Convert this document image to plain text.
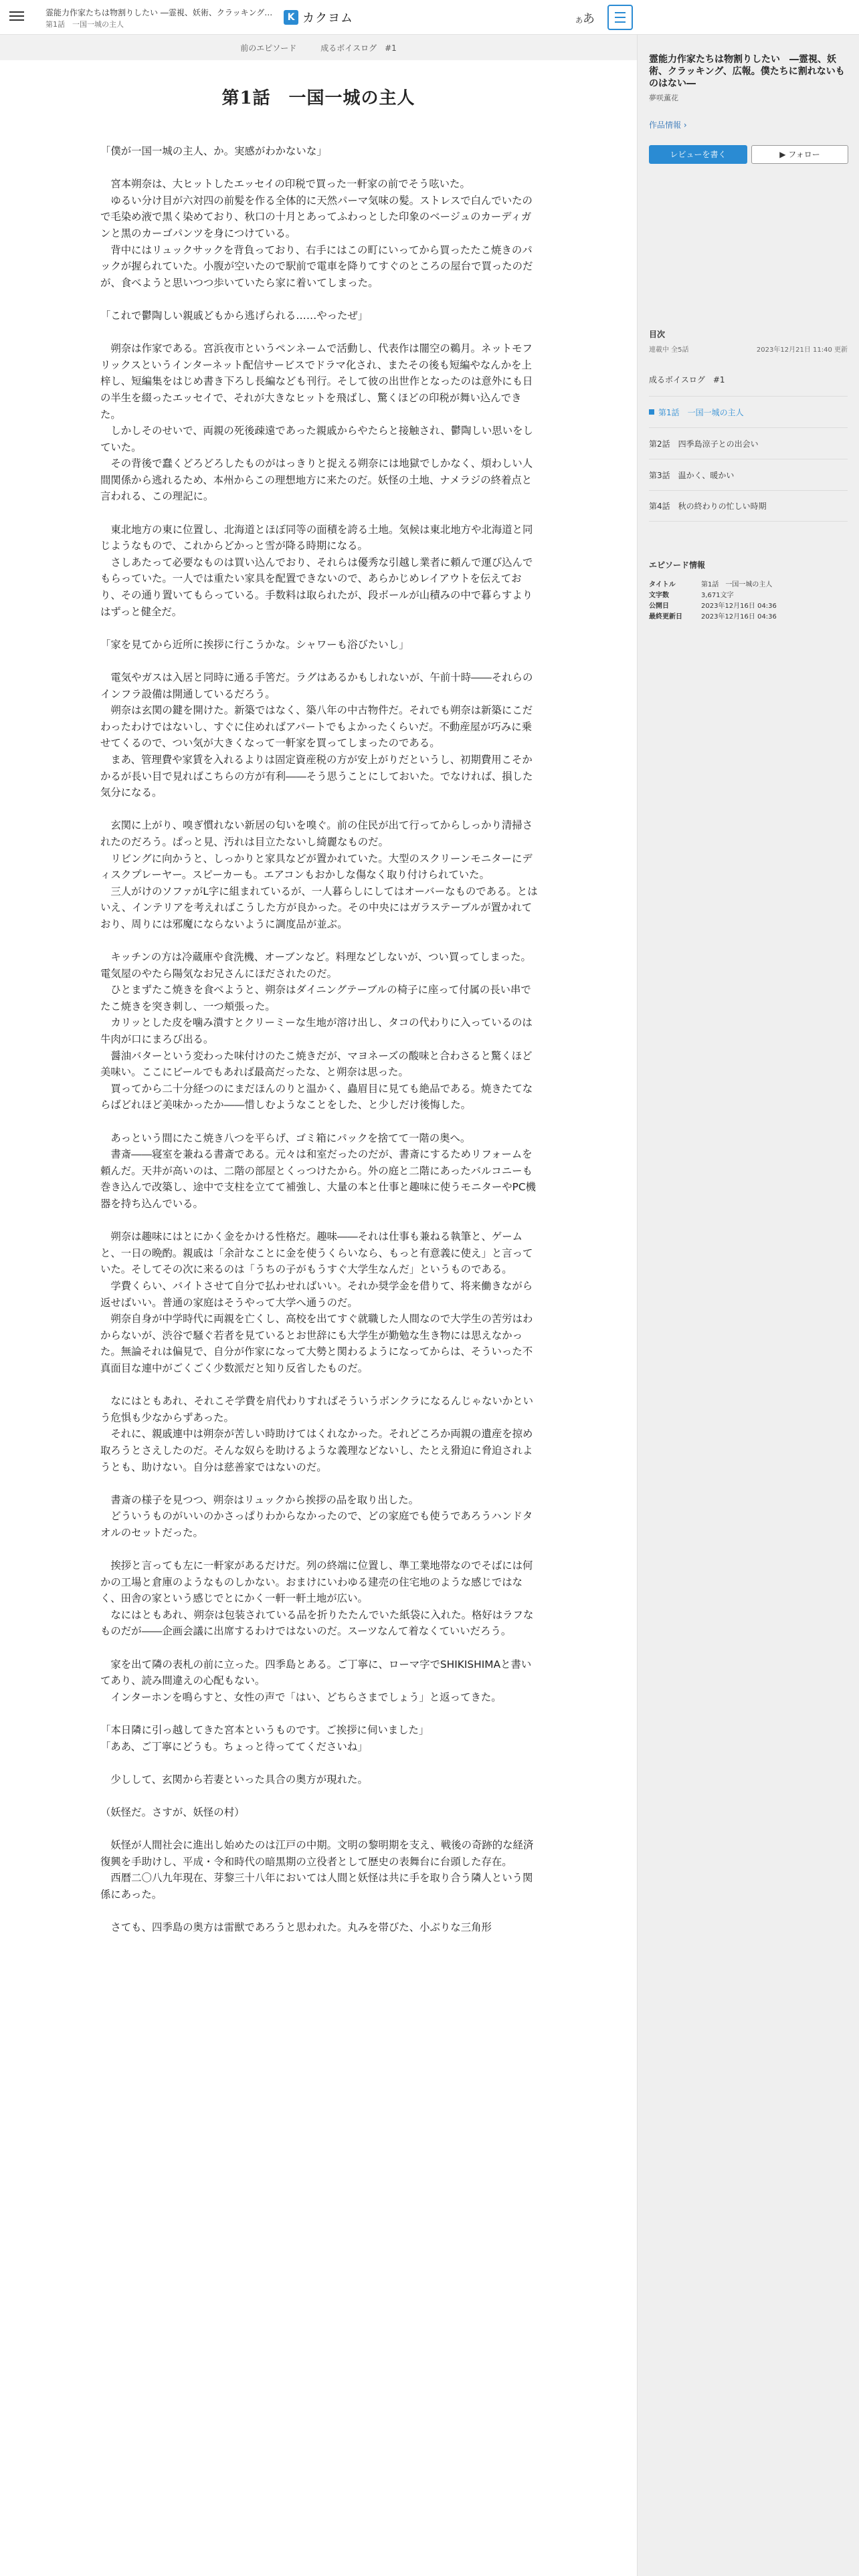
霊能力作家たちは物割りしたい ―霊視、妖術、クラッキング…
第1話　一国一城の主人
K カクヨム	ああ
前のエピソード	成るボイスログ　#1
第1話　一国一城の主人

「僕が一国一城の主人、か。実感がわかないな」

　宮本朔奈は、大ヒットしたエッセイの印税で買った一軒家の前でそう呟いた。

　ゆるい分け目が六対四の前髪を作る全体的に天然パーマ気味の髪。ストレスで白んでいたので毛染め液で黒く染めており、秋口の十月とあってふわっとした印象のベージュのカーディガンと黒のカーゴパンツを身につけている。

　背中にはリュックサックを背負っており、右手にはこの町にいってから買ったたこ焼きのパックが握られていた。小腹が空いたので駅前で電車を降りてすぐのところの屋台で買ったのだが、食べようと思いつつ歩いていたら家に着いてしまった。

「これで鬱陶しい親戚どもから逃げられる……やったぜ」

　朔奈は作家である。宮浜夜市というペンネームで活動し、代表作は闇空の鵜月。ネットモフリックスというインターネット配信サービスでドラマ化され、またその後も短編やなんかを上梓し、短編集をはじめ書き下ろし長編なども刊行。そして彼の出世作となったのは意外にも日の半生を綴ったエッセイで、それが大きなヒットを飛ばし、驚くほどの印税が舞い込んできた。

　しかしそのせいで、両親の死後疎遠であった親戚からやたらと接触され、鬱陶しい思いをしていた。

　その背後で蠢くどろどろしたものがはっきりと捉える朔奈には地獄でしかなく、煩わしい人間関係から逃れるため、本州からこの理想地方に来たのだ。妖怪の土地、ナメラジの終着点と言われる、この理記に。

　東北地方の東に位置し、北海道とほぼ同等の面積を誇る土地。気候は東北地方や北海道と同じようなもので、これからどかっと雪が降る時期になる。

　さしあたって必要なものは買い込んでおり、それらは優秀な引越し業者に頼んで運び込んでもらっていた。一人では重たい家具を配置できないので、あらかじめレイアウトを伝えており、その通り置いてもらっている。手数料は取られたが、段ボールが山積みの中で暮らすよりはずっと健全だ。

「家を見てから近所に挨拶に行こうかな。シャワーも浴びたいし」

　電気やガスは入居と同時に通る手筈だ。ラグはあるかもしれないが、午前十時――それらのインフラ設備は開通しているだろう。

　朔奈は玄関の鍵を開けた。新築ではなく、築八年の中古物件だ。それでも朔奈は新築にこだわったわけではないし、すぐに住めればアパートでもよかったくらいだ。不動産屋が巧みに乗せてくるので、つい気が大きくなって一軒家を買ってしまったのである。

　まあ、管理費や家賃を入れるよりは固定資産税の方が安上がりだというし、初期費用こそかかるが長い目で見ればこちらの方が有利――そう思うことにしておいた。でなければ、損した気分になる。

　玄関に上がり、嗅ぎ慣れない新居の匂いを嗅ぐ。前の住民が出て行ってからしっかり清掃されたのだろう。ぱっと見、汚れは目立たないし綺麗なものだ。

　リビングに向かうと、しっかりと家具などが置かれていた。大型のスクリーンモニターにディスクプレーヤー。スピーカーも。エアコンもおかしな傷なく取り付けられていた。

　三人がけのソファがL字に組まれているが、一人暮らしにしてはオーバーなものである。とはいえ、インテリアを考えればこうした方が良かった。その中央にはガラステーブルが置かれており、周りには邪魔にならないように調度品が並ぶ。

　キッチンの方は冷蔵庫や食洗機、オーブンなど。料理などしないが、つい買ってしまった。電気屋のやたら陽気なお兄さんにほだされたのだ。

　ひとまずたこ焼きを食べようと、朔奈はダイニングテーブルの椅子に座って付属の長い串でたこ焼きを突き刺し、一つ頬張った。

　カリッとした皮を噛み潰すとクリーミーな生地が溶け出し、タコの代わりに入っているのは牛肉が口にまろび出る。

　醤油バターという変わった味付けのたこ焼きだが、マヨネーズの酸味と合わさると驚くほど美味い。ここにビールでもあれば最高だったな、と朔奈は思った。

　買ってから二十分経つのにまだほんのりと温かく、蟲眉目に見ても絶品である。焼きたてならばどれほど美味かったか――惜しむようなことをした、と少しだけ後悔した。

　あっという間にたこ焼き八つを平らげ、ゴミ箱にパックを捨てて一階の奥へ。

　書斎――寝室を兼ねる書斎である。元々は和室だったのだが、書斎にするためリフォームを頼んだ。天井が高いのは、二階の部屋とくっつけたから。外の庭と二階にあったバルコニーも巻き込んで改築し、途中で支柱を立てて補強し、大量の本と仕事と趣味に使うモニターやPC機器を持ち込んでいる。

　朔奈は趣味にはとにかく金をかける性格だ。趣味――それは仕事も兼ねる執筆と、ゲームと、一日の晩酌。親戚は「余計なことに金を使うくらいなら、もっと有意義に使え」と言っていた。そしてその次に来るのは「うちの子がもうすぐ大学生なんだ」というものである。

　学費くらい、バイトさせて自分で払わせればいい。それか奨学金を借りて、将来働きながら返せばいい。普通の家庭はそうやって大学へ通うのだ。

　朔奈自身が中学時代に両親を亡くし、高校を出てすぐ就職した人間なので大学生の苦労はわからないが、渋谷で騒ぐ若者を見ているとお世辞にも大学生が勤勉な生き物には思えなかった。無論それは偏見で、自分が作家になって大勢と関わるようになってからは、そういった不真面目な連中がごくごく少数派だと知り反省したものだ。

　なにはともあれ、それこそ学費を肩代わりすればそういうボンクラになるんじゃないかという危惧も少なからずあった。

　それに、親戚連中は朔奈が苦しい時助けてはくれなかった。それどころか両親の遺産を掠め取ろうとさえしたのだ。そんな奴らを助けるような義理などないし、たとえ猾迫に脅迫されようとも、助けない。自分は慈善家ではないのだ。

　書斎の様子を見つつ、朔奈はリュックから挨拶の品を取り出した。

　どういうものがいいのかさっぱりわからなかったので、どの家庭でも使うであろうハンドタオルのセットだった。

　挨拶と言っても左に一軒家があるだけだ。列の終端に位置し、準工業地帯なのでそばには何かの工場と倉庫のようなものしかない。おまけにいわゆる建売の住宅地のような感じではなく、田舎の家という感じでとにかく一軒一軒土地が広い。

　なにはともあれ、朔奈は包装されている品を折りたたんでいた紙袋に入れた。格好はラフなものだが――企画会議に出席するわけではないのだ。スーツなんて着なくていいだろう。

　家を出て隣の表札の前に立った。四季島とある。ご丁寧に、ローマ字でSHIKISHIMAと書いてあり、読み間違えの心配もない。

　インターホンを鳴らすと、女性の声で「はい、どちらさまでしょう」と返ってきた。

「本日隣に引っ越してきた宮本というものです。ご挨拶に伺いました」

「ああ、ご丁寧にどうも。ちょっと待っててくださいね」

　少しして、玄関から若妻といった具合の奥方が現れた。

（妖怪だ。さすが、妖怪の村）

　妖怪が人間社会に進出し始めたのは江戸の中期。文明の黎明期を支え、戦後の奇跡的な経済復興を手助けし、平成・令和時代の暗黒期の立役者として歴史の表舞台に台頭した存在。

　西暦二〇八九年現在、芽黎三十八年においては人間と妖怪は共に手を取り合う隣人という関係にあった。

　さても、四季島の奥方は雷獣であろうと思われた。丸みを帯びた、小ぶりな三角形

霊能力作家たちは物割りしたい　―霊視、妖術、クラッキング、広報。僕たちに割れないものはない―
夢咲薫花
作品情報 ›
レビューを書く	▶ フォロー
目次
連載中 全5話	2023年12月21日 11:40 更新
成るボイスログ　#1
第1話　一国一城の主人
第2話　四季島涼子との出会い
第3話　温かく、暖かい
第4話　秋の終わりの忙しい時期
エピソード情報
タイトル	第1話　一国一城の主人
文字数	3,671文字
公開日	2023年12月16日 04:36
最終更新日	2023年12月16日 04:36
